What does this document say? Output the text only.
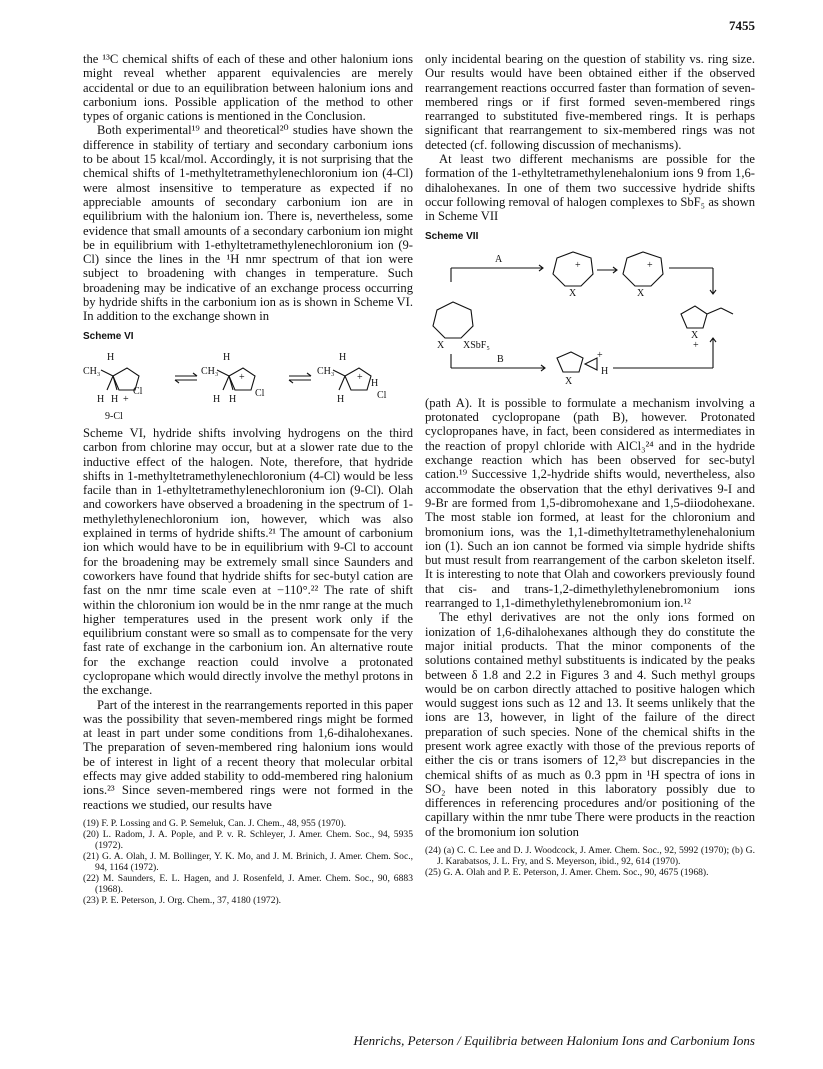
7455

the ¹³C chemical shifts of each of these and other halonium ions might reveal whether apparent equivalencies are merely accidental or due to an equilibration between halonium ions and carbonium ions. Possible application of the method to other types of organic cations is mentioned in the Conclusion.

Both experimental¹⁹ and theoretical²⁰ studies have shown the difference in stability of tertiary and secondary carbonium ions to be about 15 kcal/mol. Accordingly, it is not surprising that the chemical shifts of 1-methyltetramethylenechloronium ion (4-Cl) were almost insensitive to temperature as expected if no appreciable amounts of secondary carbonium ion are in equilibrium with the halonium ion. There is, nevertheless, some evidence that small amounts of a secondary carbonium ion might be in equilibrium with 1-ethyltetramethylenechloronium ion (9-Cl) since the lines in the ¹H nmr spectrum of that ion were subject to broadening with changes in temperature. Such broadening may be indicative of an exchange process occurring by hydride shifts in the carbonium ion as is shown in Scheme VI. In addition to the exchange shown in

Scheme VI
CH₃
H
Cl
H H +
CH₃
H
+
Cl
H H
CH₃
H
+
H
Cl
H
9-Cl

Scheme VI, hydride shifts involving hydrogens on the third carbon from chlorine may occur, but at a slower rate due to the inductive effect of the halogen. Note, therefore, that hydride shifts in 1-methyltetramethylenechloronium (4-Cl) would be less facile than in 1-ethyltetramethylenechloronium ion (9-Cl). Olah and coworkers have observed a broadening in the spectrum of 1-methylethylenechloronium ion, however, which was also explained in terms of hydride shifts.²¹ The amount of carbonium ion which would have to be in equilibrium with 9-Cl to account for the broadening may be extremely small since Saunders and coworkers have found that hydride shifts for sec-butyl cation are fast on the nmr time scale even at −110°.²² The rate of shift within the chloronium ion would be in the nmr range at the much higher temperatures used in the present work only if the equilibrium constant were so small as to compensate for the very fast rate of exchange in the carbonium ion. An alternative route for the exchange reaction could involve a protonated cyclopropane which would directly involve the methyl protons in the exchange.

Part of the interest in the rearrangements reported in this paper was the possibility that seven-membered rings might be formed at least in part under some conditions from 1,6-dihalohexanes. The preparation of seven-membered ring halonium ions would be of interest in light of a recent theory that molecular orbital effects may give added stability to odd-membered ring halonium ions.²³ Since seven-membered rings were not formed in the reactions we studied, our results have

(19) F. P. Lossing and G. P. Semeluk, Can. J. Chem., 48, 955 (1970).
(20) L. Radom, J. A. Pople, and P. v. R. Schleyer, J. Amer. Chem. Soc., 94, 5935 (1972).
(21) G. A. Olah, J. M. Bollinger, Y. K. Mo, and J. M. Brinich, J. Amer. Chem. Soc., 94, 1164 (1972).
(22) M. Saunders, E. L. Hagen, and J. Rosenfeld, J. Amer. Chem. Soc., 90, 6883 (1968).
(23) P. E. Peterson, J. Org. Chem., 37, 4180 (1972).

only incidental bearing on the question of stability vs. ring size. Our results would have been obtained either if the observed rearrangement reactions occurred faster than formation of seven-membered rings or if first formed seven-membered rings rearranged to substituted five-membered rings. It is perhaps significant that rearrangement to six-membered rings was not detected (cf. following discussion of mechanisms).

At least two different mechanisms are possible for the formation of the 1-ethyltetramethylenehalonium ions 9 from 1,6-dihalohexanes. In one of them two successive hydride shifts occur following removal of halogen complexes to SbF₅ as shown in Scheme VII

Scheme VII
A
B
+
X
+
X
X XSbF₅
X
+
X
+
H

(path A). It is possible to formulate a mechanism involving a protonated cyclopropane (path B), however. Protonated cyclopropanes have, in fact, been considered as intermediates in the reaction of propyl chloride with AlCl₃²⁴ and in the hydride exchange reaction which has been observed for sec-butyl cation.¹⁹ Successive 1,2-hydride shifts would, nevertheless, also accommodate the observation that the ethyl derivatives 9-I and 9-Br are formed from 1,5-dibromohexane and 1,5-diiodohexane. The most stable ion formed, at least for the chloronium and bromonium ions, was the 1,1-dimethyltetramethylenehalonium ion (1). Such an ion cannot be formed via simple hydride shifts but must result from rearrangement of the carbon skeleton itself. It is interesting to note that Olah and coworkers previously found that cis- and trans-1,2-dimethylethylenebromonium ions rearranged to 1,1-dimethylethylenebromonium ion.¹²

The ethyl derivatives are not the only ions formed on ionization of 1,6-dihalohexanes although they do constitute the major initial products. That the minor components of the solutions contained methyl substituents is indicated by the peaks between δ 1.8 and 2.2 in Figures 3 and 4. Such methyl groups would be on carbon directly attached to positive halogen which would suggest ions such as 12 and 13. It seems unlikely that the ions are 13, however, in light of the failure of the direct preparation of such species. None of the chemical shifts in the present work agree exactly with those of the previous reports of either the cis or trans isomers of 12,²³ but discrepancies in the chemical shifts of as much as 0.3 ppm in ¹H spectra of ions in SO₂ have been noted in this laboratory possibly due to differences in referencing procedures and/or positioning of the capillary within the nmr tube There were products in the reaction of the bromonium ion solution

(24) (a) C. C. Lee and D. J. Woodcock, J. Amer. Chem. Soc., 92, 5992 (1970); (b) G. J. Karabatsos, J. L. Fry, and S. Meyerson, ibid., 92, 614 (1970).
(25) G. A. Olah and P. E. Peterson, J. Amer. Chem. Soc., 90, 4675 (1968).
Henrichs, Peterson / Equilibria between Halonium Ions and Carbonium Ions
